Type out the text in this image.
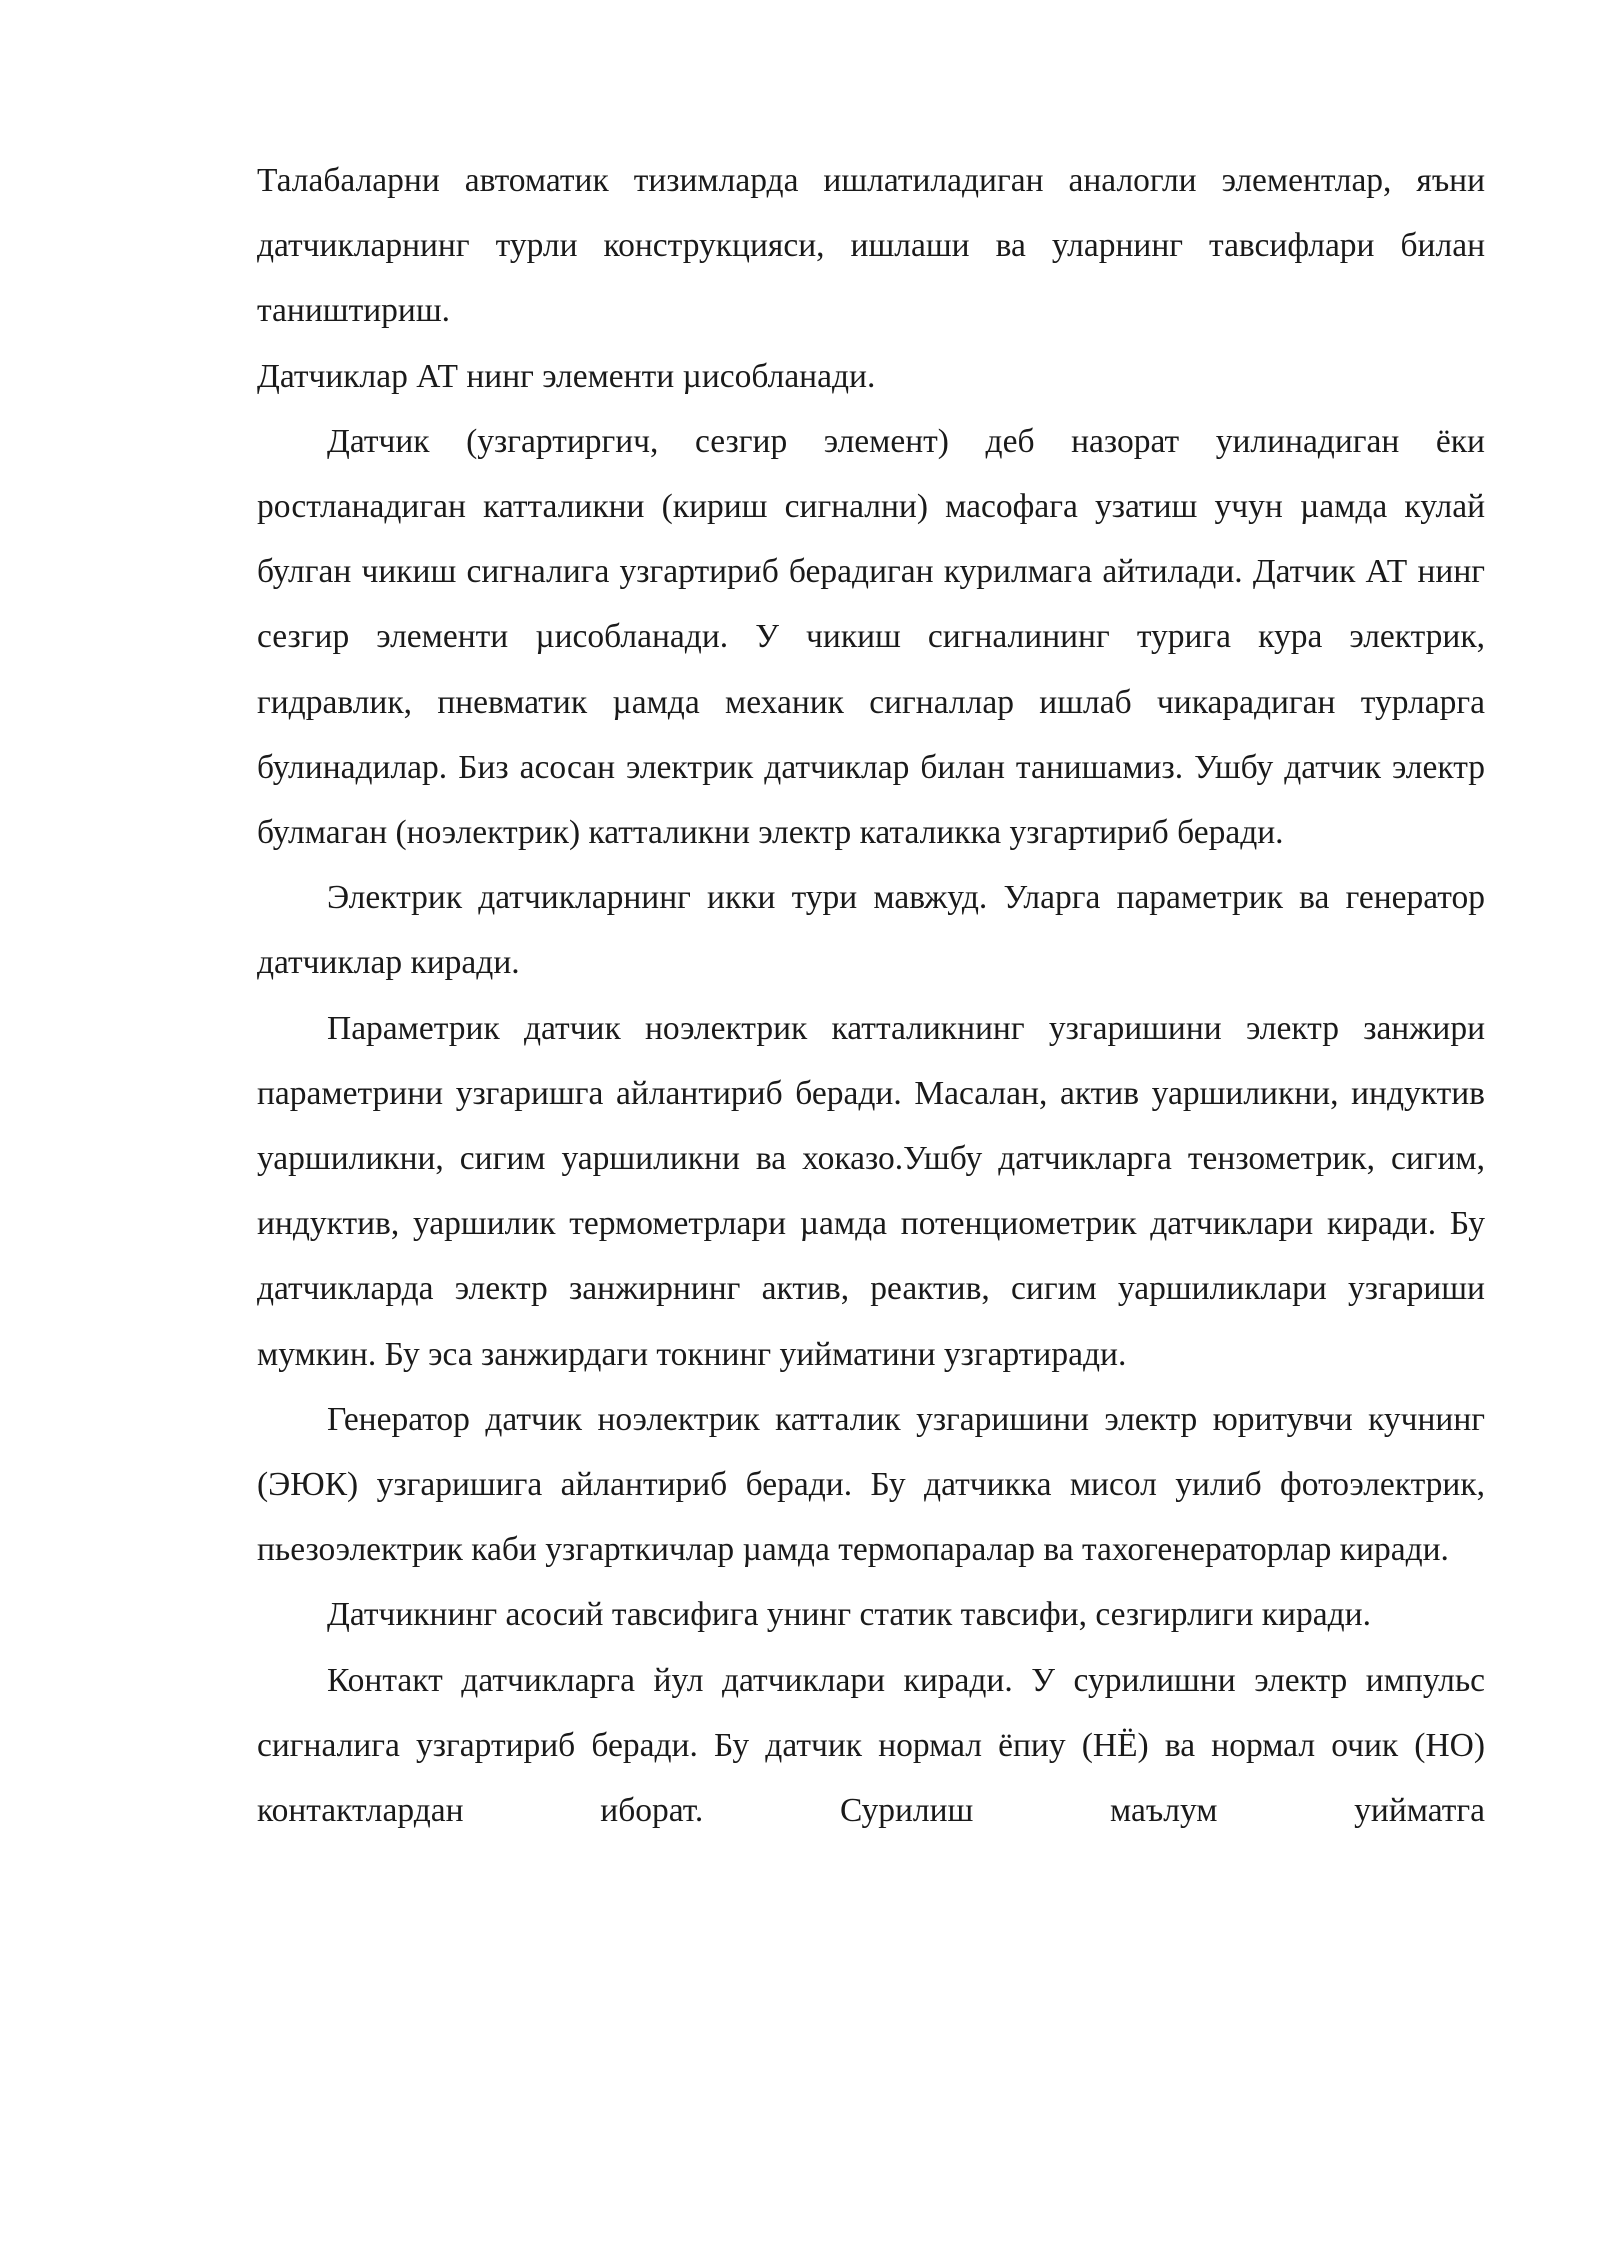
Талабаларни автоматик тизимларда ишлатиладиган аналогли элементлар, яъни датчикларнинг турли конструкцияси, ишлаши ва уларнинг тавсифлари билан таништириш.

Датчиклар АТ нинг элементи µисобланади.

Датчик (узгартиргич, сезгир элемент) деб назорат уилинадиган ёки ростланадиган катталикни (кириш сигнални) масофага узатиш учун µамда кулай булган чикиш сигналига узгартириб берадиган курилмага айтилади. Датчик АТ нинг сезгир элементи µисобланади. У чикиш сигналининг турига кура электрик, гидравлик, пневматик µамда механик сигналлар ишлаб чикарадиган турларга булинадилар. Биз асосан электрик датчиклар билан танишамиз. Ушбу датчик электр булмаган (ноэлектрик) катталикни электр каталикка узгартириб беради.

Электрик датчикларнинг икки тури мавжуд. Уларга параметрик ва генератор датчиклар киради.

Параметрик датчик ноэлектрик катталикнинг узгаришини электр занжири параметрини узгаришга айлантириб беради. Масалан, актив уаршиликни, индуктив уаршиликни, сигим уаршиликни ва хоказо.Ушбу датчикларга тензометрик, сигим, индуктив, уаршилик термометрлари µамда потенциометрик датчиклари киради. Бу датчикларда электр занжирнинг актив, реактив, сигим уаршиликлари узгариши мумкин. Бу эса занжирдаги токнинг уийматини узгартиради.

Генератор датчик ноэлектрик катталик узгаришини электр юритувчи кучнинг (ЭЮК) узгаришига айлантириб беради. Бу датчикка мисол уилиб фотоэлектрик, пьезоэлектрик каби узгарткичлар µамда термопаралар ва тахогенераторлар киради.

Датчикнинг асосий тавсифига унинг статик тавсифи, сезгирлиги киради.

Контакт датчикларга йул датчиклари киради. У сурилишни электр импульс сигналига узгартириб беради. Бу датчик нормал ёпиу (НЁ) ва нормал очик (НО) контактлардан иборат. Сурилиш маълум уийматга
